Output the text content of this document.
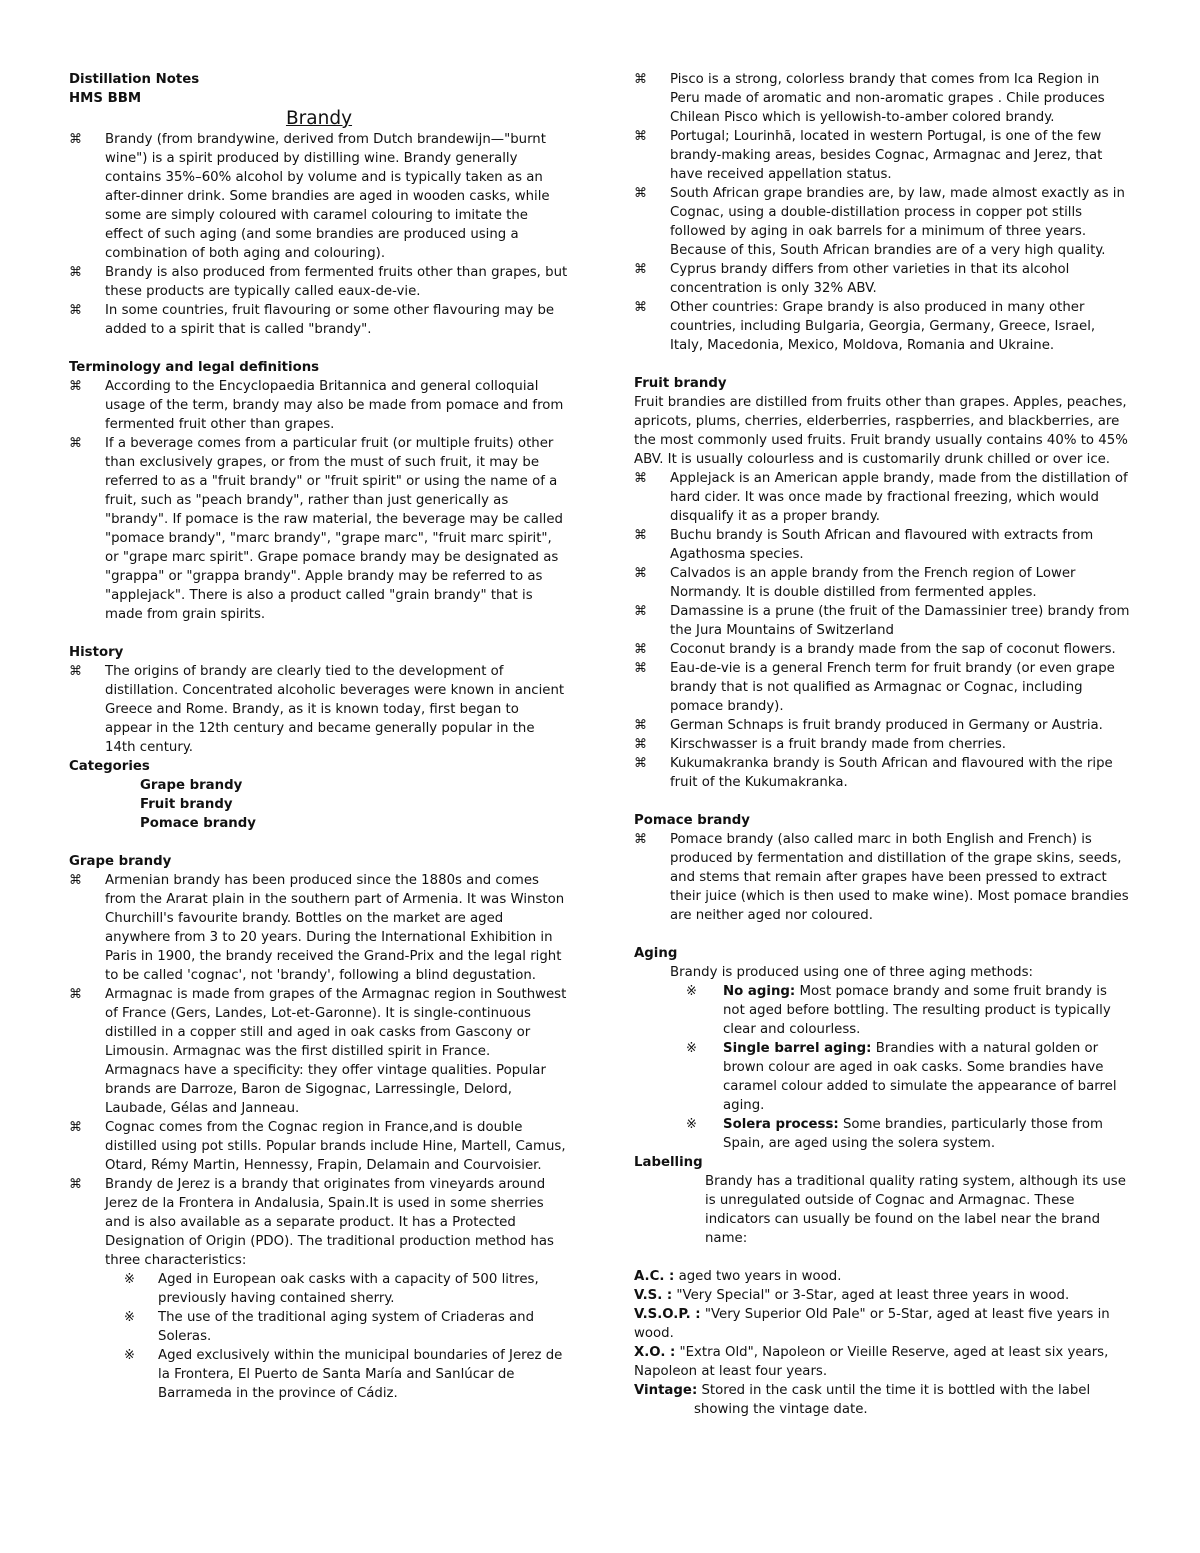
Distillation Notes

HMS BBM

Brandy

⌘	Brandy (from brandywine, derived from Dutch brandewijn—"burnt wine") is a spirit produced by distilling wine. Brandy generally contains 35%–60% alcohol by volume and is typically taken as an after-dinner drink. Some brandies are aged in wooden casks, while some are simply coloured with caramel colouring to imitate the effect of such aging (and some brandies are produced using a combination of both aging and colouring).
⌘	Brandy is also produced from fermented fruits other than grapes, but these products are typically called eaux-de-vie.
⌘	In some countries, fruit flavouring or some other flavouring may be added to a spirit that is called "brandy".

Terminology and legal definitions

⌘	According to the Encyclopaedia Britannica and general colloquial usage of the term, brandy may also be made from pomace and from fermented fruit other than grapes.
⌘	If a beverage comes from a particular fruit (or multiple fruits) other than exclusively grapes, or from the must of such fruit, it may be referred to as a "fruit brandy" or "fruit spirit" or using the name of a fruit, such as "peach brandy", rather than just generically as "brandy". If pomace is the raw material, the beverage may be called "pomace brandy", "marc brandy", "grape marc", "fruit marc spirit", or "grape marc spirit". Grape pomace brandy may be designated as "grappa" or "grappa brandy". Apple brandy may be referred to as "applejack". There is also a product called "grain brandy" that is made from grain spirits.

History

⌘	The origins of brandy are clearly tied to the development of distillation. Concentrated alcoholic beverages were known in ancient Greece and Rome. Brandy, as it is known today, first began to appear in the 12th century and became generally popular in the 14th century.

Categories

Grape brandy

Fruit brandy

Pomace brandy

Grape brandy

⌘	Armenian brandy has been produced since the 1880s and comes from the Ararat plain in the southern part of Armenia. It was Winston Churchill's favourite brandy. Bottles on the market are aged anywhere from 3 to 20 years. During the International Exhibition in Paris in 1900, the brandy received the Grand-Prix and the legal right to be called 'cognac', not 'brandy', following a blind degustation.
⌘	Armagnac is made from grapes of the Armagnac region in Southwest of France (Gers, Landes, Lot-et-Garonne). It is single-continuous distilled in a copper still and aged in oak casks from Gascony or Limousin. Armagnac was the first distilled spirit in France. Armagnacs have a specificity: they offer vintage qualities. Popular brands are Darroze, Baron de Sigognac, Larressingle, Delord, Laubade, Gélas and Janneau.
⌘	Cognac comes from the Cognac region in France,and is double distilled using pot stills. Popular brands include Hine, Martell, Camus, Otard, Rémy Martin, Hennessy, Frapin, Delamain and Courvoisier.
⌘	Brandy de Jerez is a brandy that originates from vineyards around Jerez de la Frontera in Andalusia, Spain.It is used in some sherries and is also available as a separate product. It has a Protected Designation of Origin (PDO). The traditional production method has three characteristics:
※ Aged in European oak casks with a capacity of 500 litres, previously having contained sherry.
※ The use of the traditional aging system of Criaderas and Soleras.
※ Aged exclusively within the municipal boundaries of Jerez de la Frontera, El Puerto de Santa María and Sanlúcar de Barrameda in the province of Cádiz.
⌘	Pisco is a strong, colorless brandy that comes from Ica Region in Peru made of aromatic and non-aromatic grapes . Chile produces Chilean Pisco which is yellowish-to-amber colored brandy.
⌘	Portugal; Lourinhã, located in western Portugal, is one of the few brandy-making areas, besides Cognac, Armagnac and Jerez, that have received appellation status.
⌘	South African grape brandies are, by law, made almost exactly as in Cognac, using a double-distillation process in copper pot stills followed by aging in oak barrels for a minimum of three years. Because of this, South African brandies are of a very high quality.
⌘	Cyprus brandy differs from other varieties in that its alcohol concentration is only 32% ABV.
⌘	Other countries: Grape brandy is also produced in many other countries, including Bulgaria, Georgia, Germany, Greece, Israel, Italy, Macedonia, Mexico, Moldova, Romania and Ukraine.

Fruit brandy

Fruit brandies are distilled from fruits other than grapes. Apples, peaches, apricots, plums, cherries, elderberries, raspberries, and blackberries, are the most commonly used fruits. Fruit brandy usually contains 40% to 45% ABV. It is usually colourless and is customarily drunk chilled or over ice.

⌘	Applejack is an American apple brandy, made from the distillation of hard cider. It was once made by fractional freezing, which would disqualify it as a proper brandy.
⌘	Buchu brandy is South African and flavoured with extracts from Agathosma species.
⌘	Calvados is an apple brandy from the French region of Lower Normandy. It is double distilled from fermented apples.
⌘	Damassine is a prune (the fruit of the Damassinier tree) brandy from the Jura Mountains of Switzerland
⌘	Coconut brandy is a brandy made from the sap of coconut flowers.
⌘	Eau-de-vie is a general French term for fruit brandy (or even grape brandy that is not qualified as Armagnac or Cognac, including pomace brandy).
⌘	German Schnaps is fruit brandy produced in Germany or Austria.
⌘	Kirschwasser is a fruit brandy made from cherries.
⌘	Kukumakranka brandy is South African and flavoured with the ripe fruit of the Kukumakranka.

Pomace brandy

⌘	Pomace brandy (also called marc in both English and French) is produced by fermentation and distillation of the grape skins, seeds, and stems that remain after grapes have been pressed to extract their juice (which is then used to make wine). Most pomace brandies are neither aged nor coloured.

Aging

Brandy is produced using one of three aging methods:

※ No aging: Most pomace brandy and some fruit brandy is not aged before bottling. The resulting product is typically clear and colourless.
※ Single barrel aging: Brandies with a natural golden or brown colour are aged in oak casks. Some brandies have caramel colour added to simulate the appearance of barrel aging.
※ Solera process: Some brandies, particularly those from Spain, are aged using the solera system.

Labelling

Brandy has a traditional quality rating system, although its use is unregulated outside of Cognac and Armagnac. These indicators can usually be found on the label near the brand name:

A.C. : aged two years in wood.

V.S. : "Very Special" or 3-Star, aged at least three years in wood.

V.S.O.P. : "Very Superior Old Pale" or 5-Star, aged at least five years in wood.

X.O. : "Extra Old", Napoleon or Vieille Reserve, aged at least six years, Napoleon at least four years.

Vintage: Stored in the cask until the time it is bottled with the label showing the vintage date.
